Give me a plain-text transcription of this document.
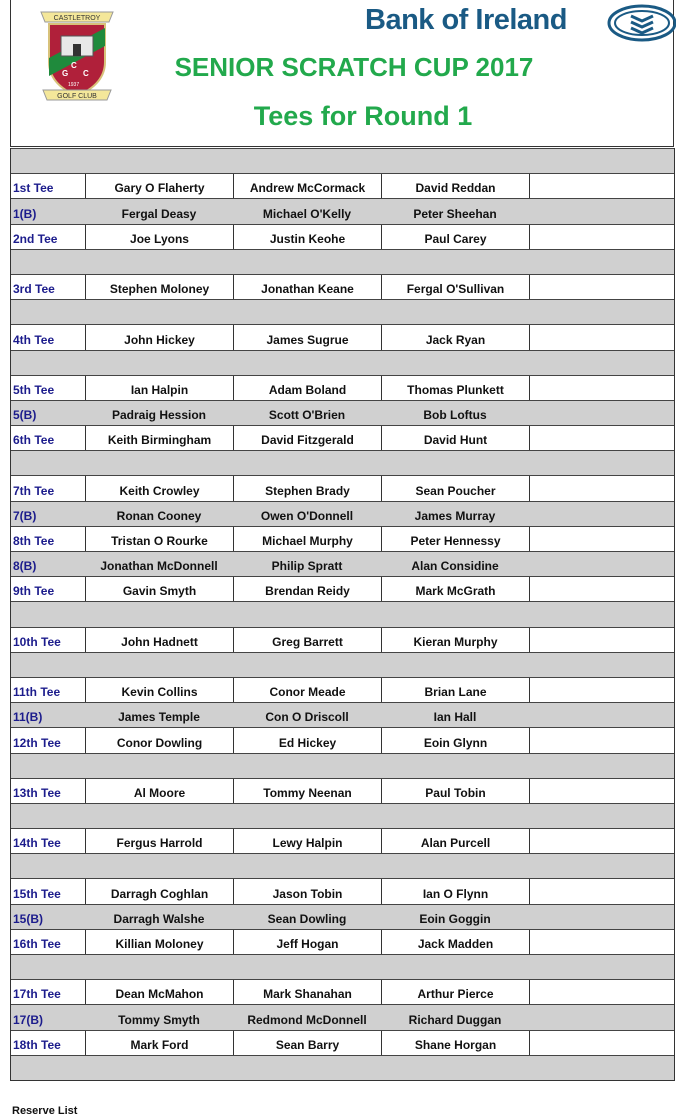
C
G C
1937
CASTLETROY
GOLF CLUB
Bank of Ireland
SENIOR SCRATCH CUP 2017
Tees for Round 1
1st Tee	Gary O Flaherty	Andrew McCormack	David Reddan
1(B)	Fergal Deasy	Michael O'Kelly	Peter Sheehan
2nd Tee	Joe Lyons	Justin Keohe	Paul Carey
3rd Tee	Stephen Moloney	Jonathan Keane	Fergal O'Sullivan
4th Tee	John Hickey	James Sugrue	Jack Ryan
5th Tee	Ian Halpin	Adam Boland	Thomas Plunkett
5(B)	Padraig Hession	Scott O'Brien	Bob Loftus
6th Tee	Keith Birmingham	David Fitzgerald	David Hunt
7th Tee	Keith Crowley	Stephen Brady	Sean Poucher
7(B)	Ronan Cooney	Owen O'Donnell	James Murray
8th Tee	Tristan O Rourke	Michael Murphy	Peter Hennessy
8(B)	Jonathan McDonnell	Philip Spratt	Alan Considine
9th Tee	Gavin Smyth	Brendan Reidy	Mark McGrath
10th Tee	John Hadnett	Greg Barrett	Kieran Murphy
11th Tee	Kevin Collins	Conor Meade	Brian Lane
11(B)	James Temple	Con O Driscoll	Ian Hall
12th Tee	Conor Dowling	Ed Hickey	Eoin Glynn
13th Tee	Al Moore	Tommy Neenan	Paul Tobin
14th Tee	Fergus Harrold	Lewy Halpin	Alan Purcell
15th Tee	Darragh Coghlan	Jason Tobin	Ian O Flynn
15(B)	Darragh Walshe	Sean Dowling	Eoin Goggin
16th Tee	Killian Moloney	Jeff Hogan	Jack Madden
17th Tee	Dean McMahon	Mark Shanahan	Arthur Pierce
17(B)	Tommy Smyth	Redmond McDonnell	Richard Duggan
18th Tee	Mark Ford	Sean Barry	Shane Horgan
Reserve List
